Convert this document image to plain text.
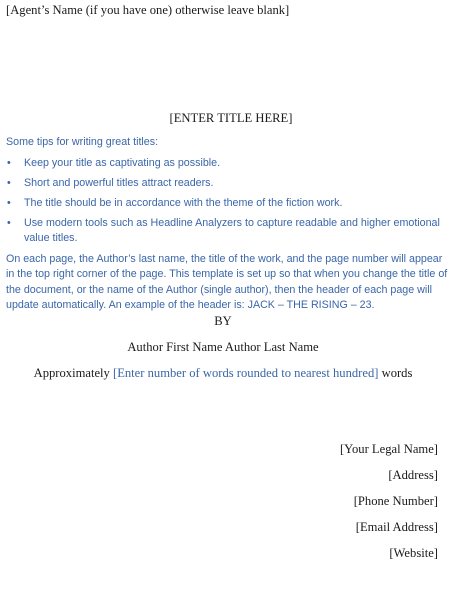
[Agent’s Name (if you have one) otherwise leave blank]
[ENTER TITLE HERE]
Some tips for writing great titles:
• Keep your title as captivating as possible.
• Short and powerful titles attract readers.
• The title should be in accordance with the theme of the fiction work.
• Use modern tools such as Headline Analyzers to capture readable and higher emotional value titles.

On each page, the Author’s last name, the title of the work, and the page number will appear in the top right corner of the page. This template is set up so that when you change the title of the document, or the name of the Author (single author), then the header of each page will update automatically. An example of the header is: JACK – THE RISING – 23.

BY
Author First Name Author Last Name
Approximately [Enter number of words rounded to nearest hundred] words
[Your Legal Name]
[Address]
[Phone Number]
[Email Address]
[Website]
